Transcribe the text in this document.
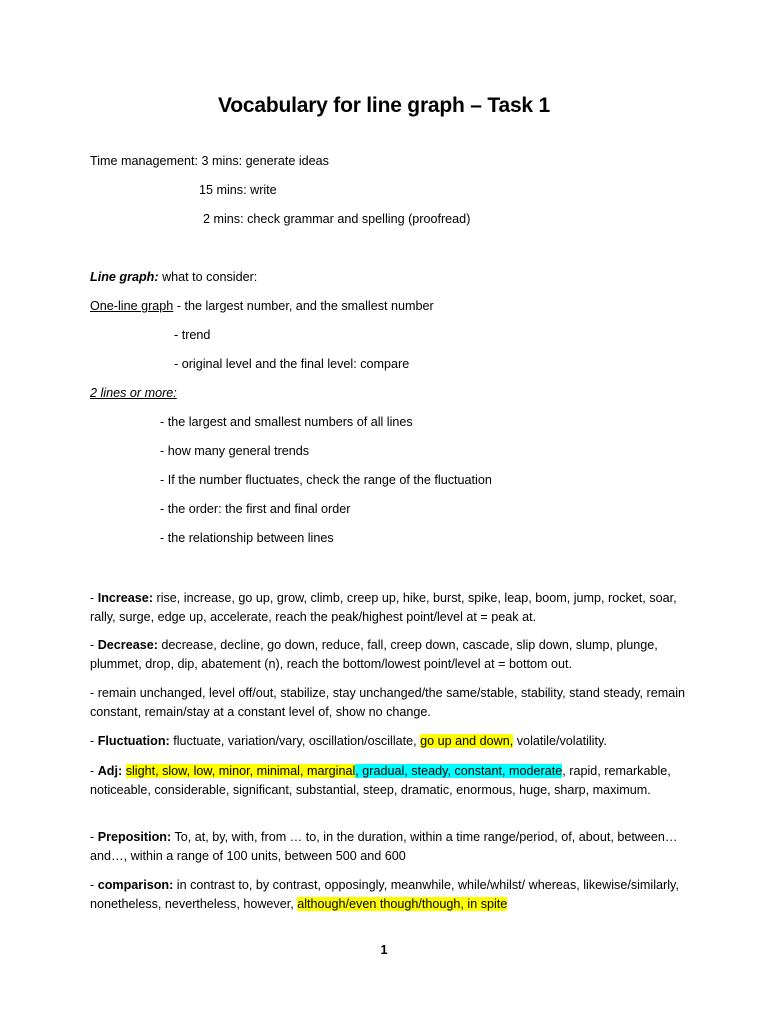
Vocabulary for line graph – Task 1
Time management: 3 mins: generate ideas
15 mins: write
2 mins: check grammar and spelling (proofread)
Line graph: what to consider:
One-line graph - the largest number, and the smallest number
- trend
- original level and the final level: compare
2 lines or more:
- the largest and smallest numbers of all lines
- how many general trends
- If the number fluctuates, check the range of the fluctuation
- the order: the first and final order
- the relationship between lines
- Increase: rise, increase, go up, grow, climb, creep up, hike, burst, spike, leap, boom, jump, rocket, soar, rally, surge, edge up, accelerate, reach the peak/highest point/level at = peak at.
- Decrease: decrease, decline, go down, reduce, fall, creep down, cascade, slip down, slump, plunge, plummet, drop, dip, abatement (n), reach the bottom/lowest point/level at = bottom out.
- remain unchanged, level off/out, stabilize, stay unchanged/the same/stable, stability, stand steady, remain constant, remain/stay at a constant level of, show no change.
- Fluctuation: fluctuate, variation/vary, oscillation/oscillate, go up and down, volatile/volatility.
- Adj: slight, slow, low, minor, minimal, marginal, gradual, steady, constant, moderate, rapid, remarkable, noticeable, considerable, significant, substantial, steep, dramatic, enormous, huge, sharp, maximum.
- Preposition: To, at, by, with, from … to, in the duration, within a time range/period, of, about, between… and…, within a range of 100 units, between 500 and 600
- comparison: in contrast to, by contrast, opposingly, meanwhile, while/whilst/ whereas, likewise/similarly, nonetheless, nevertheless, however, although/even though/though, in spite
1
